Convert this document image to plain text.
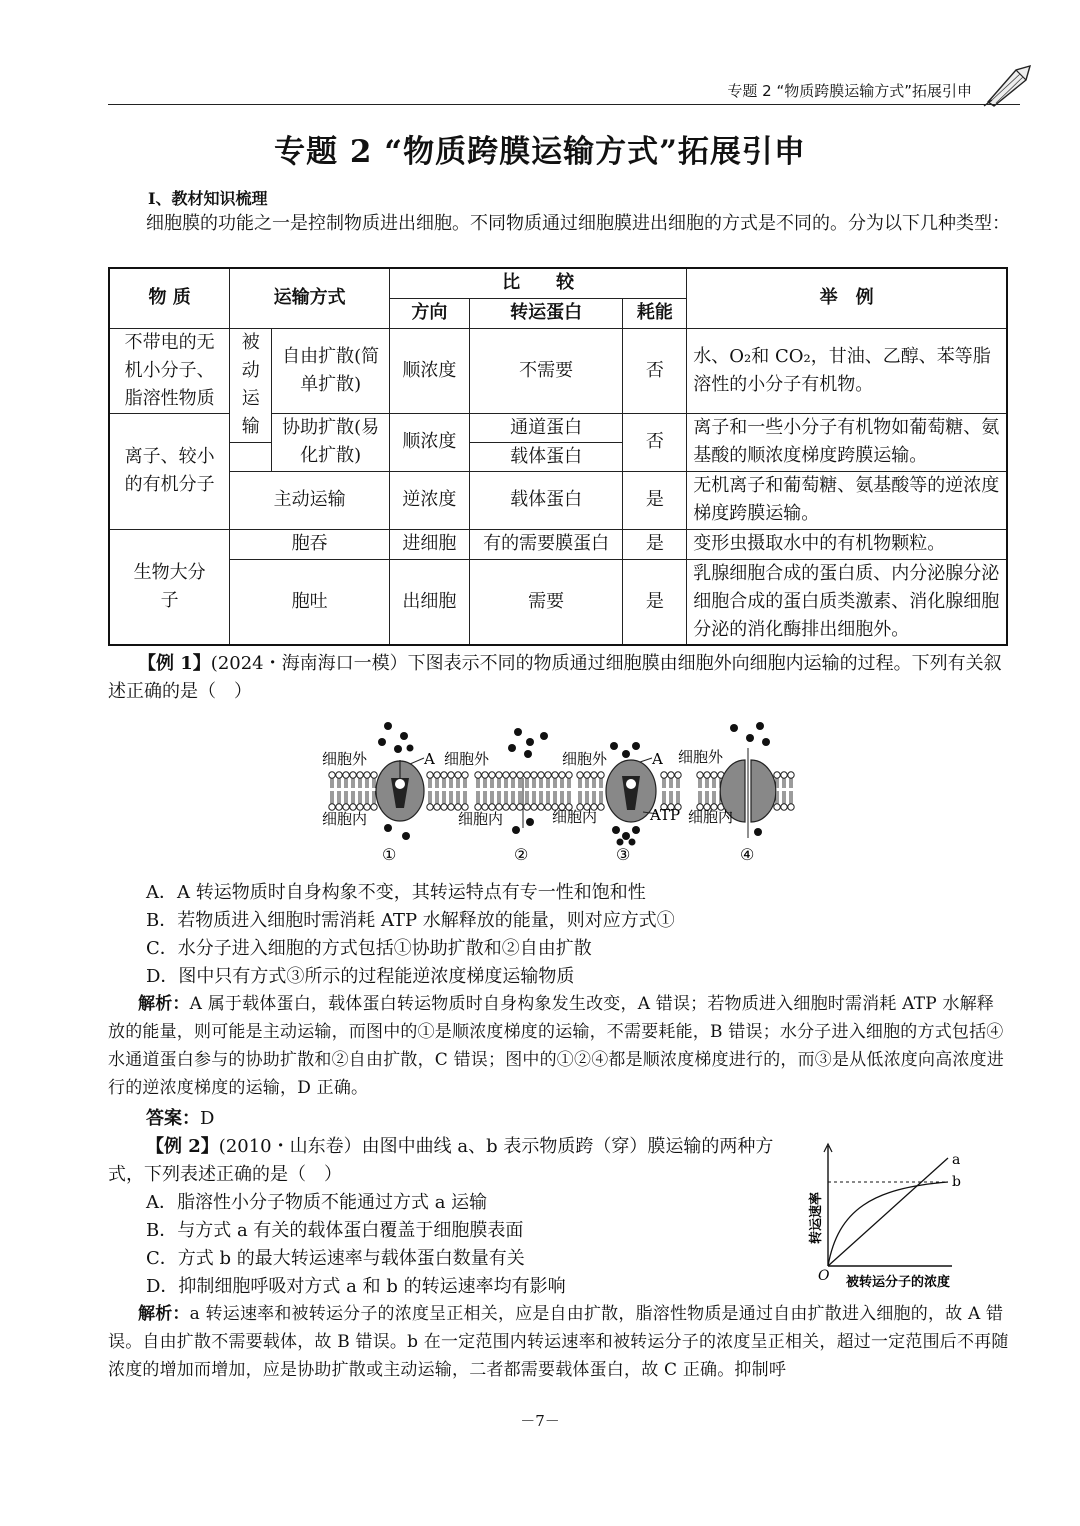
专题 2 “物质跨膜运输方式”拓展引申
专题 2 “物质跨膜运输方式”拓展引申
Ⅰ、教材知识梳理
细胞膜的功能之一是控制物质进出细胞。不同物质通过细胞膜进出细胞的方式是不同的。分为以下几种类型：
物 质	运输方式		比　　较			举　例
			方向	转运蛋白	耗能	
不带电的无机小分子、脂溶性物质	被动运输	自由扩散(简单扩散)	顺浓度	不需要	否	水、O₂和 CO₂，甘油、乙醇、苯等脂溶性的小分子有机物。
离子、较小的有机分子		协助扩散(易化扩散)	顺浓度	通道蛋白	否	离子和一些小分子有机物如葡萄糖、氨基酸的顺浓度梯度跨膜运输。
				载体蛋白		
	主动运输		逆浓度	载体蛋白	是	无机离子和葡萄糖、氨基酸等的逆浓度梯度跨膜运输。
生物大分子	胞吞		进细胞	有的需要膜蛋白	是	变形虫摄取水中的有机物颗粒。
	胞吐		出细胞	需要	是	乳腺细胞合成的蛋白质、内分泌腺分泌细胞合成的蛋白质类激素、消化腺细胞分泌的消化酶排出细胞外。
【例 1】(2024・海南海口一模）下图表示不同的物质通过细胞膜由细胞外向细胞内运输的过程。下列有关叙述正确的是（　）
细胞外	A
细胞内
细胞外
细胞内
细胞外	A
细胞内	ATP
细胞外
细胞内
①	②	③	④
A．A 转运物质时自身构象不变，其转运特点有专一性和饱和性
B．若物质进入细胞时需消耗 ATP 水解释放的能量，则对应方式①
C．水分子进入细胞的方式包括①协助扩散和②自由扩散
D．图中只有方式③所示的过程能逆浓度梯度运输物质
解析：A 属于载体蛋白，载体蛋白转运物质时自身构象发生改变，A 错误；若物质进入细胞时需消耗 ATP 水解释放的能量，则可能是主动运输，而图中的①是顺浓度梯度的运输，不需要耗能，B 错误；水分子进入细胞的方式包括④水通道蛋白参与的协助扩散和②自由扩散，C 错误；图中的①②④都是顺浓度梯度进行的，而③是从低浓度向高浓度进行的逆浓度梯度的运输，D 正确。
答案：D
【例 2】(2010・山东卷）由图中曲线 a、b 表示物质跨（穿）膜运输的两种方
式，下列表述正确的是（　）
A．脂溶性小分子物质不能通过方式 a 运输
B．与方式 a 有关的载体蛋白覆盖于细胞膜表面
C．方式 b 的最大转运速率与载体蛋白数量有关
D．抑制细胞呼吸对方式 a 和 b 的转运速率均有影响
a
b
O 被转运分子的浓度
转运速率
解析：a 转运速率和被转运分子的浓度呈正相关，应是自由扩散，脂溶性物质是通过自由扩散进入细胞的，故 A 错误。自由扩散不需要载体，故 B 错误。b 在一定范围内转运速率和被转运分子的浓度呈正相关，超过一定范围后不再随浓度的增加而增加，应是协助扩散或主动运输，二者都需要载体蛋白，故 C 正确。抑制呼
－7－
